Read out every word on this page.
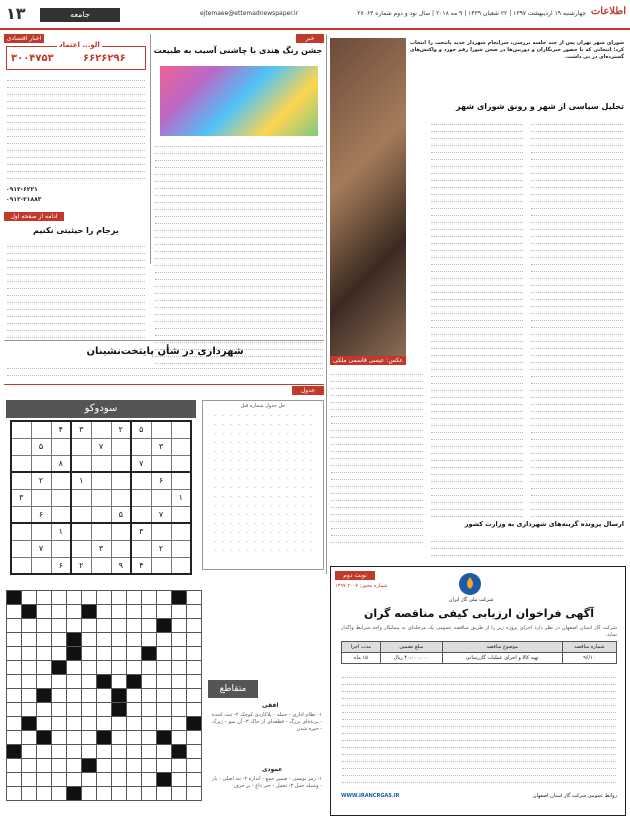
اطلاعات
چهارشنبه ۱۹ اردیبهشت ۱۳۹۷ | ۲۲ شعبان ۱۴۳۹ | ۹ مه ۲۰۱۸ | سال نود و دوم شماره ۲۷۰۶۳
ejtemaee@ettemadnewspaper.ir
جامعه
۱۳
عکس: عیسی قاسمی ملکی
شورای شهر تهران پس از چند جلسه بررسی، سرانجام شهردار جدید پایتخت را انتخاب کرد؛ انتخابی که با حضور خبرنگاران و دوربین‌ها در صحن شورا رقم خورد و واکنش‌های گسترده‌ای در پی داشت.
تحلیل سیاسی از شهر و رونق شورای شهر
ارسال پرونده گزینه‌های شهرداری به وزارت کشور
خبر
جشن رنگ هندی با چاشنی آسیب به طبیعت
اخبار اقتصادی
۶۶۲۶۲۹۶
۳۰۰۴۷۵۳
الو... اعتماد
۰۹۱۲-۶۲۲۱
۰۹۱۲-۲۱۸۸۳
ادامه از صفحه اول
برجام را حیثیتی نکنیم
شهرداری در شأن پایتخت‌نشینان
جدول
سودوکو
		۴	۳		۲	۵		
	۵			۷			۳	
		۸				۷		
	۲		۱				۶	
۳								۱
	۶				۵		۷	
		۱				۳		
	۷			۳			۲	
		۶	۲		۹	۴		
حل جدول شماره قبل
·	·	·	·	·	·	·	·	·	·	·	·	·
·	·	·	·	·	·	·	·	·	·	·	·	·
·	·	·	·	·	·	·	·	·	·	·	·	·
·	·	·	·	·	·	·	·	·	·	·	·	·
·	·	·	·	·	·	·	·	·	·	·	·	·
·	·	·	·	·	·	·	·	·	·	·	·	·
·	·	·	·	·	·	·	·	·	·	·	·	·
·	·	·	·	·	·	·	·	·	·	·	·	·
·	·	·	·	·	·	·	·	·	·	·	·	·
·	·	·	·	·	·	·	·	·	·	·	·	·
·	·	·	·	·	·	·	·	·	·	·	·	·
·	·	·	·	·	·	·	·	·	·	·	·	·
·	·	·	·	·	·	·	·	·	·	·	·	·
·	·	·	·	·	·	·	·	·	·	·	·	·
·	·	·	·	·	·	·	·	·	·	·	·	·
·	·	·	·	·	·	·	·	·	·	·	·	·

متقاطع
افقی
۱- نظام اداری - حمله - پلاکاردی کوچک ۲- ثبت کننده - پرنده‌ای بزرگ - قطعه‌ای از خاک ۳- آن سو - زیرک - خیره شدن
عمودی
۱- رمز نویسی - ضمیر جمع - اندازه ۲- تنه اصلی - یار - وسیله حمل ۳- تحمل - خبر داغ - پر حرف
نوبت دوم
شماره مجوز: ۱۳۹۷.۲۰۰۷
شرکت ملی گاز ایران
آگهی فراخوان ارزیابی کیفی مناقصه گران
شرکت گاز استان اصفهان در نظر دارد اجرای پروژه زیر را از طریق مناقصه عمومی یک مرحله‌ای به پیمانکار واجد شرایط واگذار نماید.
شماره مناقصه	موضوع مناقصه	مبلغ تضمین	مدت اجرا
۹۶/۱۰	تهیه کالا و اجرای عملیات گازرسانی	۴۰،۰۰۰،۰۰۰ ریال	۱۵ ماه
روابط عمومی شرکت گاز استان اصفهان
WWW.IRANCRGAS.IR
